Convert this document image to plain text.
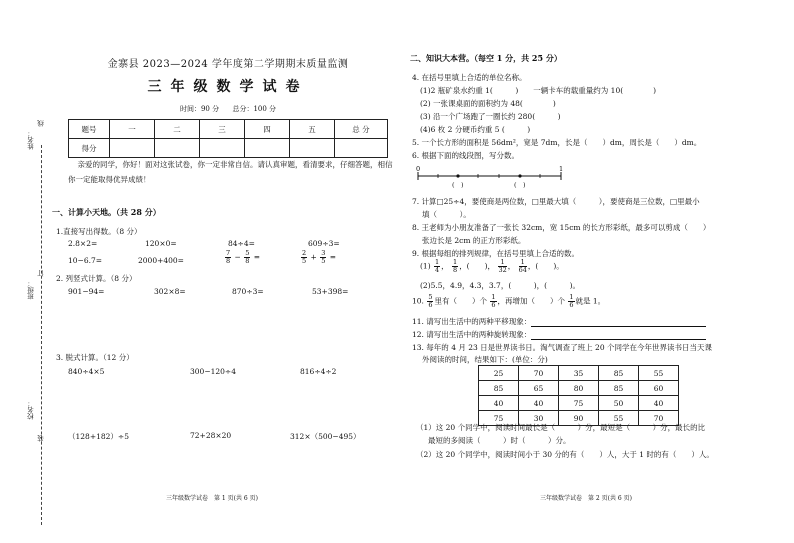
姓名：
线
班级：
订
校名：
装
金寨县 2023—2024 学年度第二学期期末质量监测
三年级数学试卷
时间：90 分 总分：100 分
题号	一	二	三	四	五	总 分
得分						
亲爱的同学，你好！面对这张试卷，你一定非常自信。请认真审题，看清要求，仔细答题，相信你一定能取得优异成绩！
一、计算小天地。（共 28 分）
1.直接写出得数。（8 分）
2.8×2=	120×0=	84÷4=	609÷3=
10−6.7=	2000+400=	$\frac{7}{8} - \frac{5}{8}$ =	$\frac{2}{5} + \frac{3}{5}$ =
2. 列竖式计算。（8 分）
901−94=	302×8=	870÷3=	53+398=
3. 脱式计算。（12 分）
840÷4×5	300−120÷4	816÷4÷2
（128+182）÷5	72+28×20	312×（500−495）
三年级数学试卷　第 1 页(共 6 页)
二、知识大本营。（每空 1 分，共 25 分）
4. 在括号里填上合适的单位名称。
(1)2 瓶矿泉水约重 1(　　　)　　一辆卡车的载重量约为 10(　　　　)
(2) 一张课桌面的面积约为 48(　　　　)
(3) 沿一个广场跑了一圈长约 280(　　　)
(4)6 枚 2 分硬币约重 5 (　　　)
5. 一个长方形的面积是 56dm²，宽是 7dm，长是（　　）dm，周长是（　　）dm。
6. 根据下面的线段图，写分数。
0	1
(　)	(　)
7. 计算□25÷4，要使商是两位数，□里最大填（　　　），要使商是三位数，□里最小
填（　　　）。
8. 王老师为小朋友准备了一张长 32cm，宽 15cm 的长方形彩纸，最多可以剪成（　　）
张边长是 2cm 的正方形彩纸。
9. 根据每组的排列规律，在括号里填上合适的数。
$(1) \frac{1}{4}$ ， $\frac{1}{8}$ ，(　　)， $\frac{1}{32}$ ， $\frac{1}{64}$ ，(　　)。
(2)5.5，4.9，4.3，3.7，(　　　)，(　　　)。
10. $\frac{5}{6}$ 里有（　　）个 $\frac{1}{6}$ ，再增加（　　）个 $\frac{1}{6}$ 就是 1。
11. 请写出生活中的两种平移现象：
12. 请写出生活中的两种旋转现象：
13. 每年的 4 月 23 日是世界读书日。淘气调查了班上 20 个同学在今年世界读书日当天课
外阅读的时间，结果如下：(单位：分)
25	70	35	85	55
85	65	80	85	60
40	40	75	50	40
75	30	90	55	70
（1）这 20 个同学中，阅读时间最长是（　　　）分，最短是（　　　）分，最长的比
最短的多阅读（　　　）时（　　　）分。
（2）这 20 个同学中，阅读时间小于 30 分的有（　　）人，大于 1 时的有（　　）人。
三年级数学试卷　第 2 页(共 6 页)
